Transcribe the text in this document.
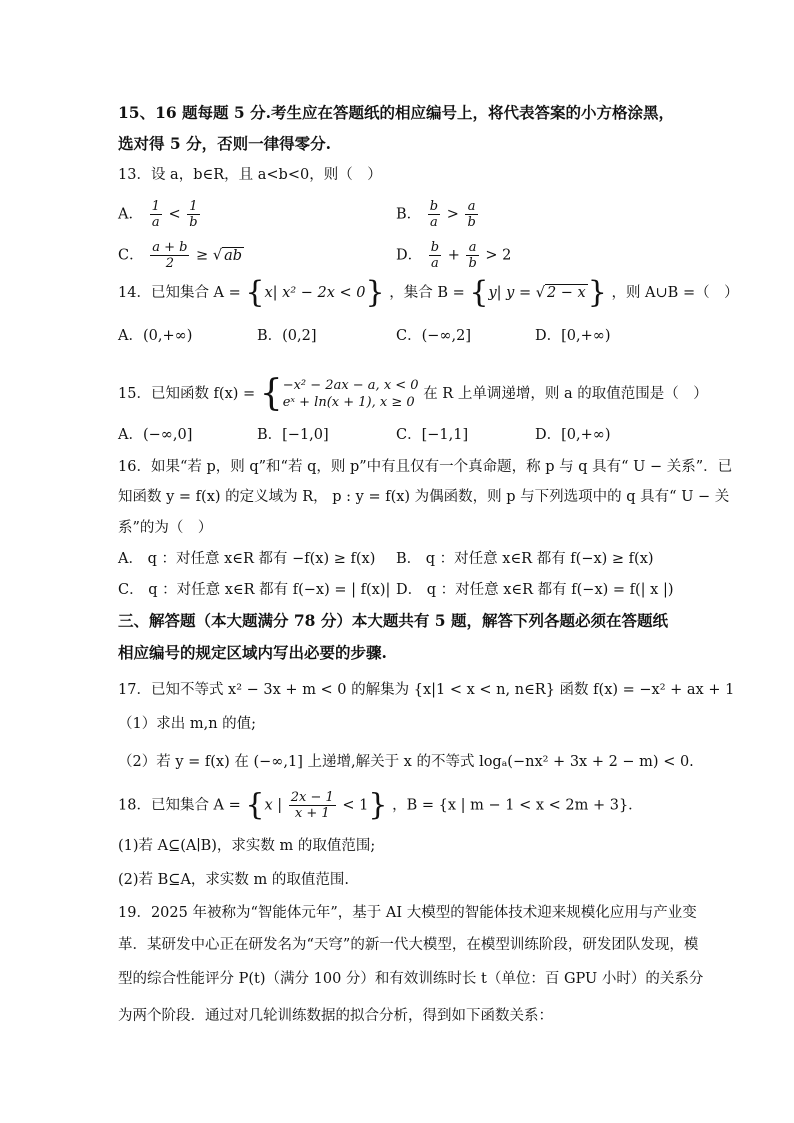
15、16 题每题 5 分.考生应在答题纸的相应编号上，将代表答案的小方格涂黑，
选对得 5 分，否则一律得零分.
13．设 a，b∈R，且 a<b<0，则（　）
A． $\frac{1}{a} < \frac{1}{b}$	B． $\frac{b}{a} > \frac{a}{b}$
C． $\frac{a + b}{2}$ ≥ √ ab	D． $\frac{b}{a} + \frac{a}{b} > 2$
14．已知集合 A = {x| x² − 2x < 0} ，集合 B = {y| y = √ 2 − x} ，则 A∪B =（　）
A．(0,+∞)	B．(0,2]	C．(−∞,2]	D．[0,+∞)
15．已知函数 f(x) = {−x² − 2ax − a, x < 0
eˣ + ln(x + 1), x ≥ 0 在 R 上单调递增，则 a 的取值范围是（　）
A．(−∞,0]	B．[−1,0]	C．[−1,1]	D．[0,+∞)
16．如果“若 p，则 q”和“若 q，则 p”中有且仅有一个真命题，称 p 与 q 具有“ U − 关系”．已
知函数 y = f(x) 的定义域为 R， p : y = f(x) 为偶函数，则 p 与下列选项中的 q 具有“ U − 关
系”的为（　）
A． q ：对任意 x∈R 都有 −f(x) ≥ f(x) B． q ：对任意 x∈R 都有 f(−x) ≥ f(x)
C． q ：对任意 x∈R 都有 f(−x) = | f(x)| D． q ：对任意 x∈R 都有 f(−x) = f(| x |)
三、解答题（本大题满分 78 分）本大题共有 5 题，解答下列各题必须在答题纸
相应编号的规定区域内写出必要的步骤.
17．已知不等式 x² − 3x + m < 0 的解集为 {x|1 < x < n, n∈R} 函数 f(x) = −x² + ax + 1
（1）求出 m,n 的值;
（2）若 y = f(x) 在 (−∞,1] 上递增,解关于 x 的不等式 logₐ(−nx² + 3x + 2 − m) < 0.
18．已知集合 A = {x | $\frac{2x - 1}{x + 1} < 1$} ，B = {x | m − 1 < x < 2m + 3}．
(1)若 A⊆(A∣B)，求实数 m 的取值范围;
(2)若 B⊆A，求实数 m 的取值范围.
19．2025 年被称为“智能体元年”，基于 AI 大模型的智能体技术迎来规模化应用与产业变
革．某研发中心正在研发名为“天穹”的新一代大模型，在模型训练阶段，研发团队发现，模
型的综合性能评分 P(t)（满分 100 分）和有效训练时长 t（单位：百 GPU 小时）的关系分
为两个阶段．通过对几轮训练数据的拟合分析，得到如下函数关系：
